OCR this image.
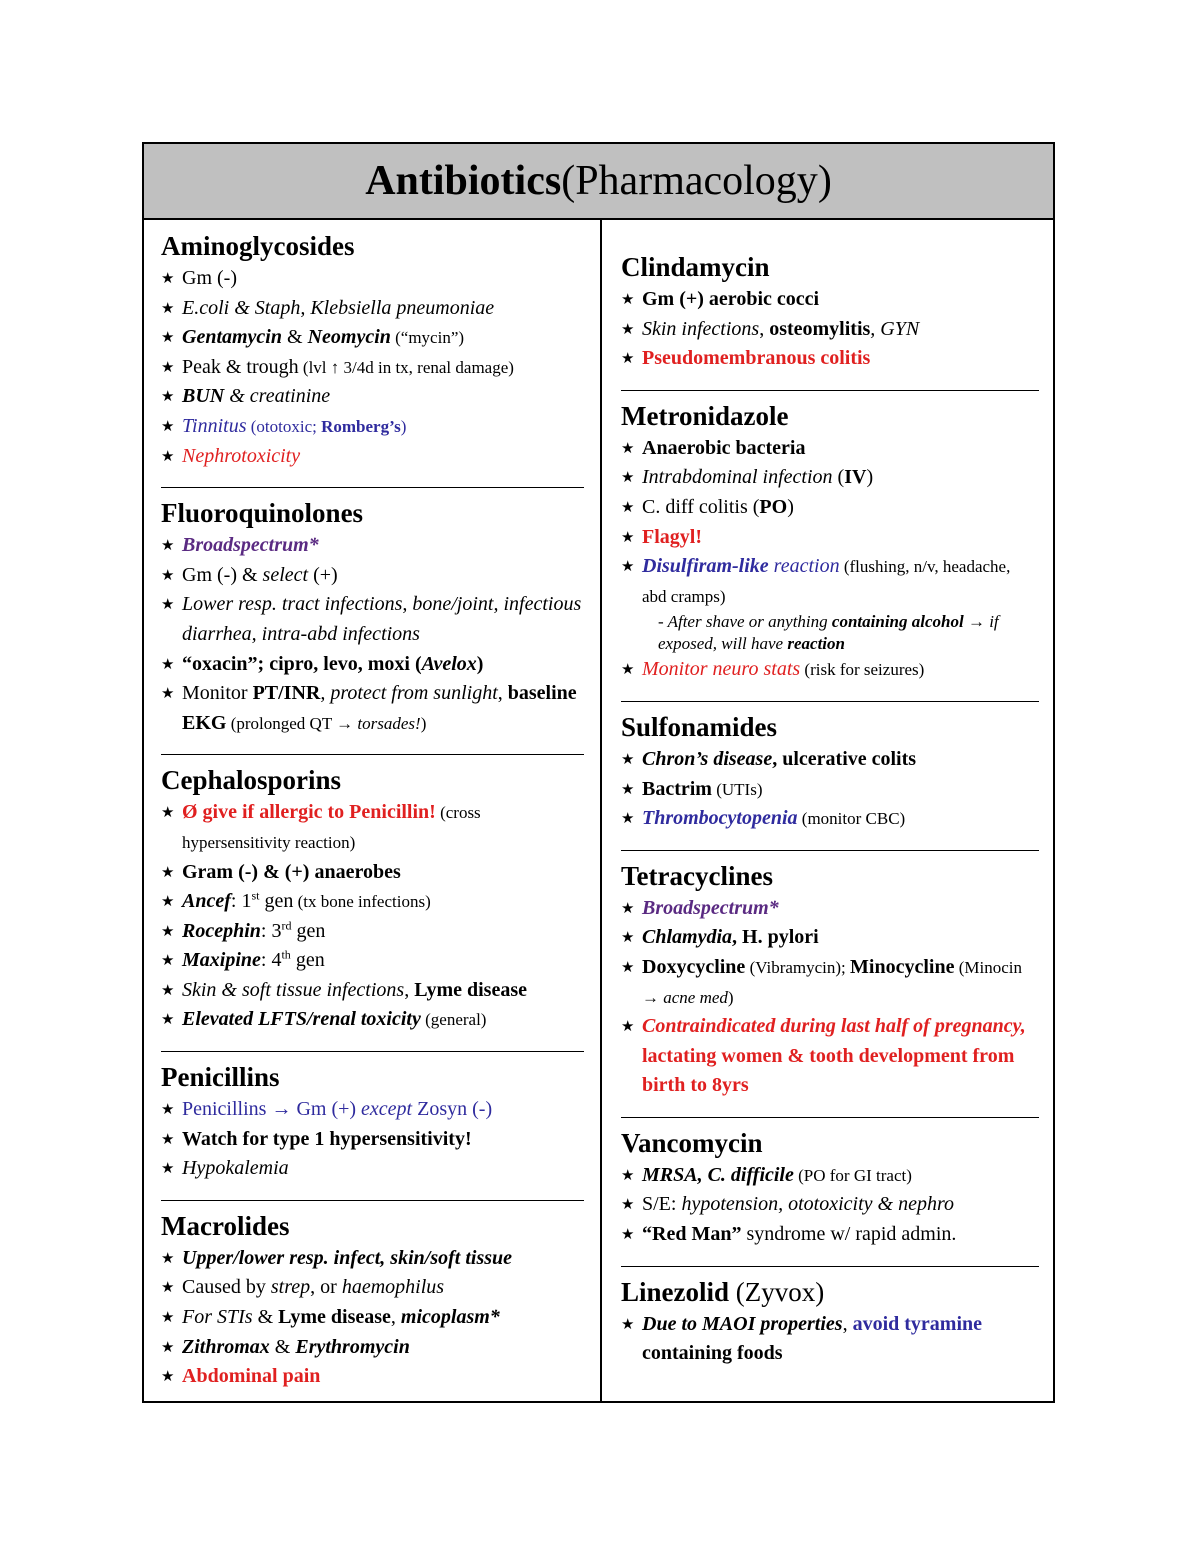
Antibiotics ( Pharmacology )
Aminoglycosides
★ Gm (-)
★ E.coli & Staph, Klebsiella pneumoniae
★ Gentamycin & Neomycin (“mycin”)
★ Peak & trough (lvl ↑ 3/4d in tx, renal damage)
★ BUN & creatinine
★ Tinnitus (ototoxic; Romberg’s)
★ Nephrotoxicity
Fluoroquinolones
★ Broadspectrum*
★ Gm (-) & select (+)
★ Lower resp. tract infections, bone/joint, infectious diarrhea, intra-abd infections
★ “oxacin”; cipro, levo, moxi (Avelox)
★ Monitor PT/INR, protect from sunlight, baseline EKG (prolonged QT → torsades!)
Cephalosporins
★ Ø give if allergic to Penicillin! (cross hypersensitivity reaction)
★ Gram (-) & (+) anaerobes
★ Ancef: 1st gen (tx bone infections)
★ Rocephin: 3rd gen
★ Maxipine: 4th gen
★ Skin & soft tissue infections, Lyme disease
★ Elevated LFTS/renal toxicity (general)
Penicillins
★ Penicillins → Gm (+) except Zosyn (-)
★ Watch for type 1 hypersensitivity!
★ Hypokalemia
Macrolides
★ Upper/lower resp. infect, skin/soft tissue
★ Caused by strep, or haemophilus
★ For STIs & Lyme disease, micoplasm*
★ Zithromax & Erythromycin
★ Abdominal pain
Clindamycin
★ Gm (+) aerobic cocci
★ Skin infections, osteomylitis, GYN
★ Pseudomembranous colitis
Metronidazole
★ Anaerobic bacteria
★ Intrabdominal infection (IV)
★ C. diff colitis (PO)
★ Flagyl!
★ Disulfiram-like reaction (flushing, n/v, headache, abd cramps)
- After shave or anything containing alcohol → if exposed, will have reaction
★ Monitor neuro stats (risk for seizures)
Sulfonamides
★ Chron’s disease, ulcerative colits
★ Bactrim (UTIs)
★ Thrombocytopenia (monitor CBC)
Tetracyclines
★ Broadspectrum*
★ Chlamydia, H. pylori
★ Doxycycline (Vibramycin); Minocycline (Minocin → acne med)
★ Contraindicated during last half of pregnancy, lactating women & tooth development from birth to 8yrs
Vancomycin
★ MRSA, C. difficile (PO for GI tract)
★ S/E: hypotension, ototoxicity & nephro
★ “Red Man” syndrome w/ rapid admin.
Linezolid (Zyvox)
★ Due to MAOI properties, avoid tyramine containing foods
